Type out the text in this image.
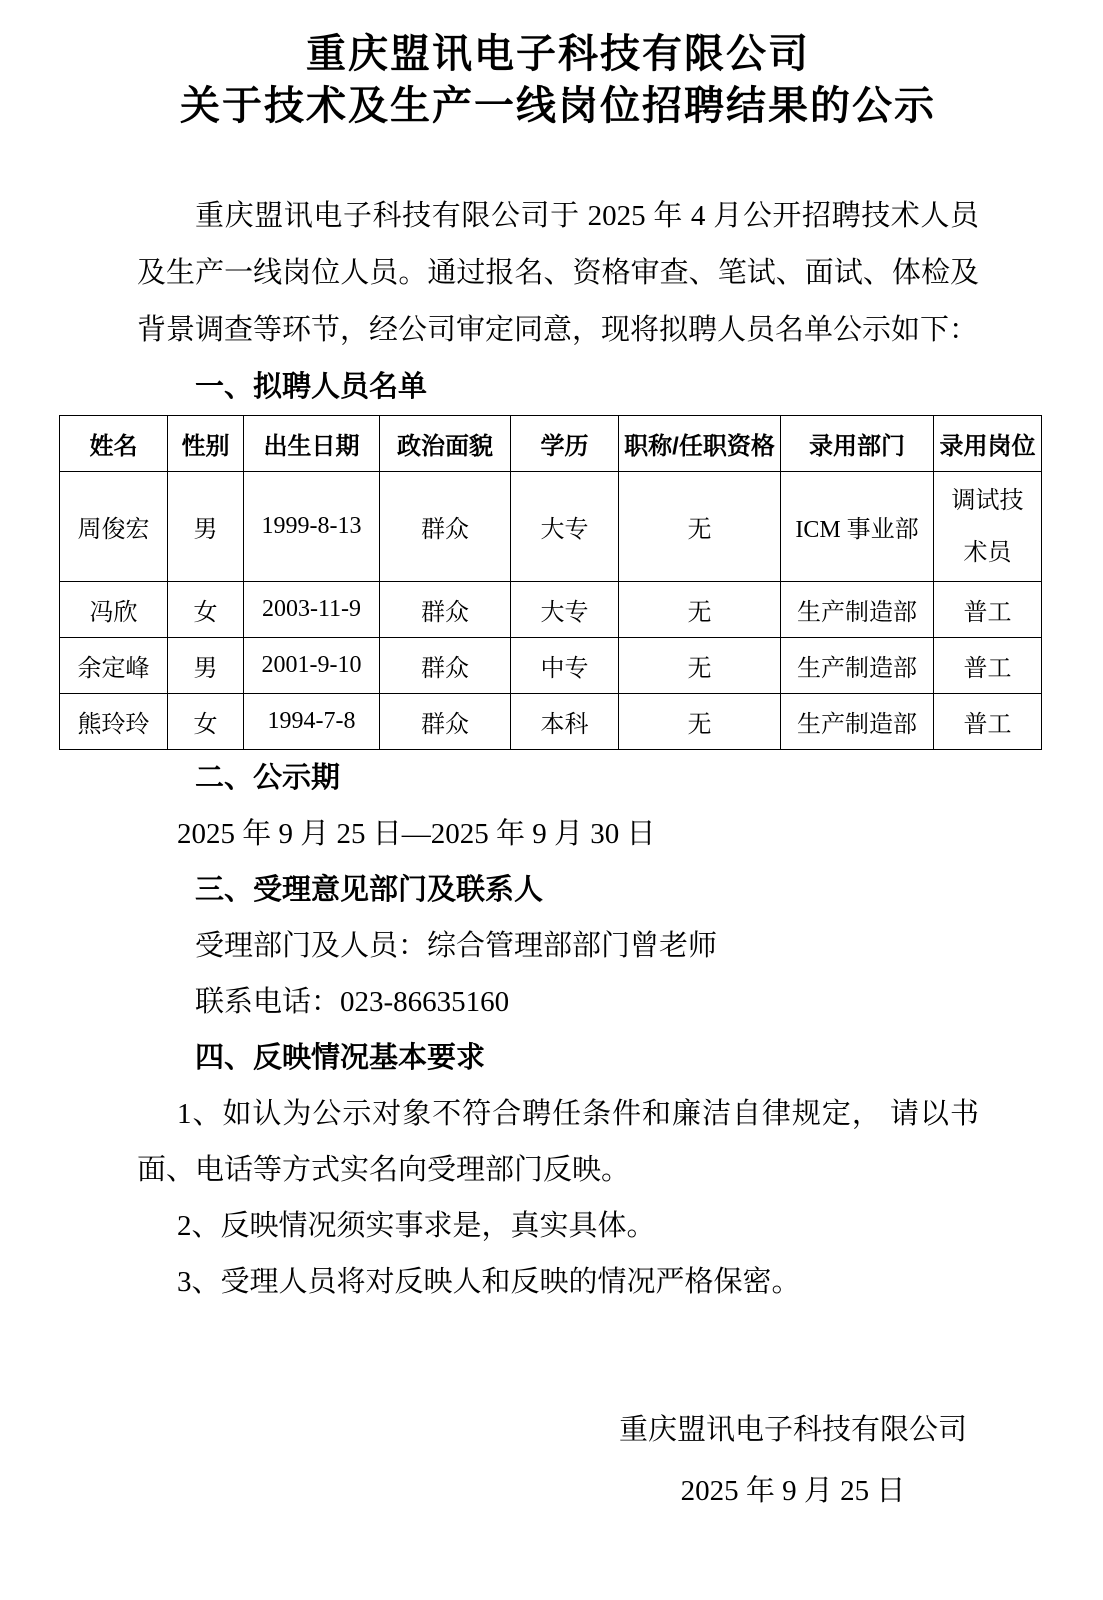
重庆盟讯电子科技有限公司
关于技术及生产一线岗位招聘结果的公示

重庆盟讯电子科技有限公司于 2025 年 4 月公开招聘技术人员及生产一线岗位人员。通过报名、资格审查、笔试、面试、体检及背景调查等环节，经公司审定同意，现将拟聘人员名单公示如下：

一、拟聘人员名单
姓名	性别	出生日期	政治面貌	学历	职称/任职资格	录用部门	录用岗位
周俊宏	男	1999-8-13	群众	大专	无	ICM 事业部	调试技术员
冯欣	女	2003-11-9	群众	大专	无	生产制造部	普工
余定峰	男	2001-9-10	群众	中专	无	生产制造部	普工
熊玲玲	女	1994-7-8	群众	本科	无	生产制造部	普工
二、公示期

2025 年 9 月 25 日—2025 年 9 月 30 日

三、受理意见部门及联系人

受理部门及人员：综合管理部部门曾老师

联系电话：023-86635160

四、反映情况基本要求

1、如认为公示对象不符合聘任条件和廉洁自律规定， 请以书面、电话等方式实名向受理部门反映。

2、反映情况须实事求是，真实具体。

3、受理人员将对反映人和反映的情况严格保密。

重庆盟讯电子科技有限公司

2025 年 9 月 25 日
